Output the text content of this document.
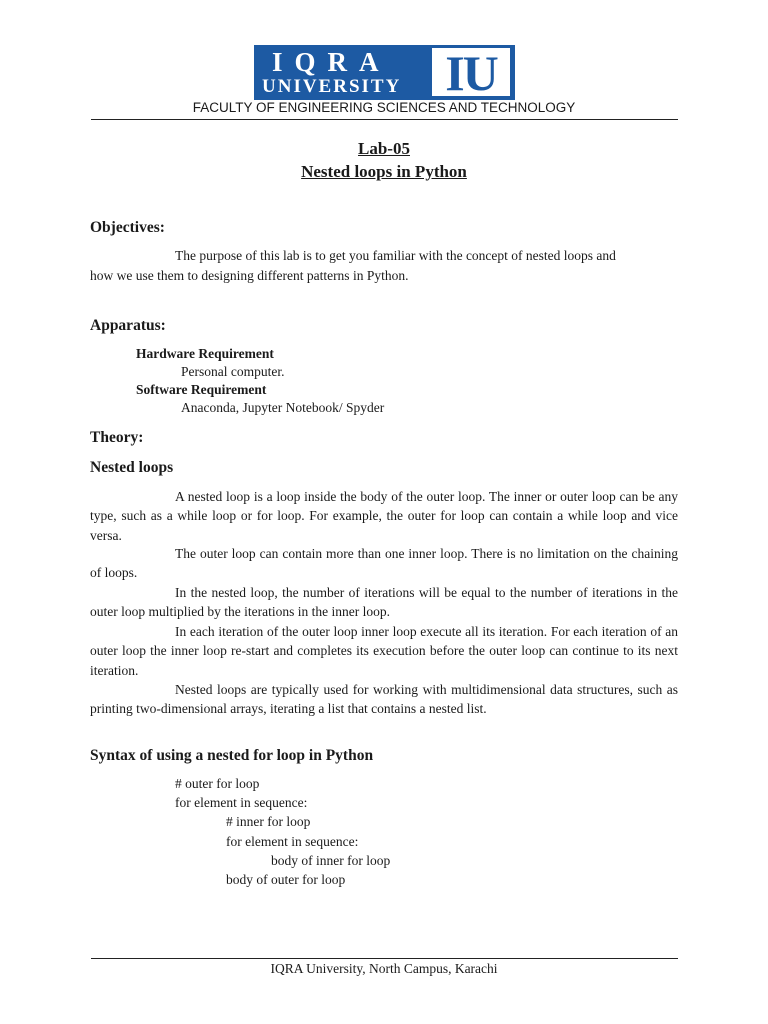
IQRA
UNIVERSITY IU
FACULTY OF ENGINEERING SCIENCES AND TECHNOLOGY
Lab-05
Nested loops in Python
Objectives:
The purpose of this lab is to get you familiar with the concept of nested loops and
how we use them to designing different patterns in Python.
Apparatus:
Hardware Requirement
Personal computer.
Software Requirement
Anaconda, Jupyter Notebook/ Spyder
Theory:
Nested loops
A nested loop is a loop inside the body of the outer loop. The inner or outer loop can be any type, such as a while loop or for loop. For example, the outer for loop can contain a while loop and vice versa.
The outer loop can contain more than one inner loop. There is no limitation on the chaining of loops.
In the nested loop, the number of iterations will be equal to the number of iterations in the outer loop multiplied by the iterations in the inner loop.
In each iteration of the outer loop inner loop execute all its iteration. For each iteration of an outer loop the inner loop re-start and completes its execution before the outer loop can continue to its next iteration.
Nested loops are typically used for working with multidimensional data structures, such as printing two-dimensional arrays, iterating a list that contains a nested list.
Syntax of using a nested for loop in Python
# outer for loop
for element in sequence:
# inner for loop
for element in sequence:
body of inner for loop
body of outer for loop
IQRA University, North Campus, Karachi
